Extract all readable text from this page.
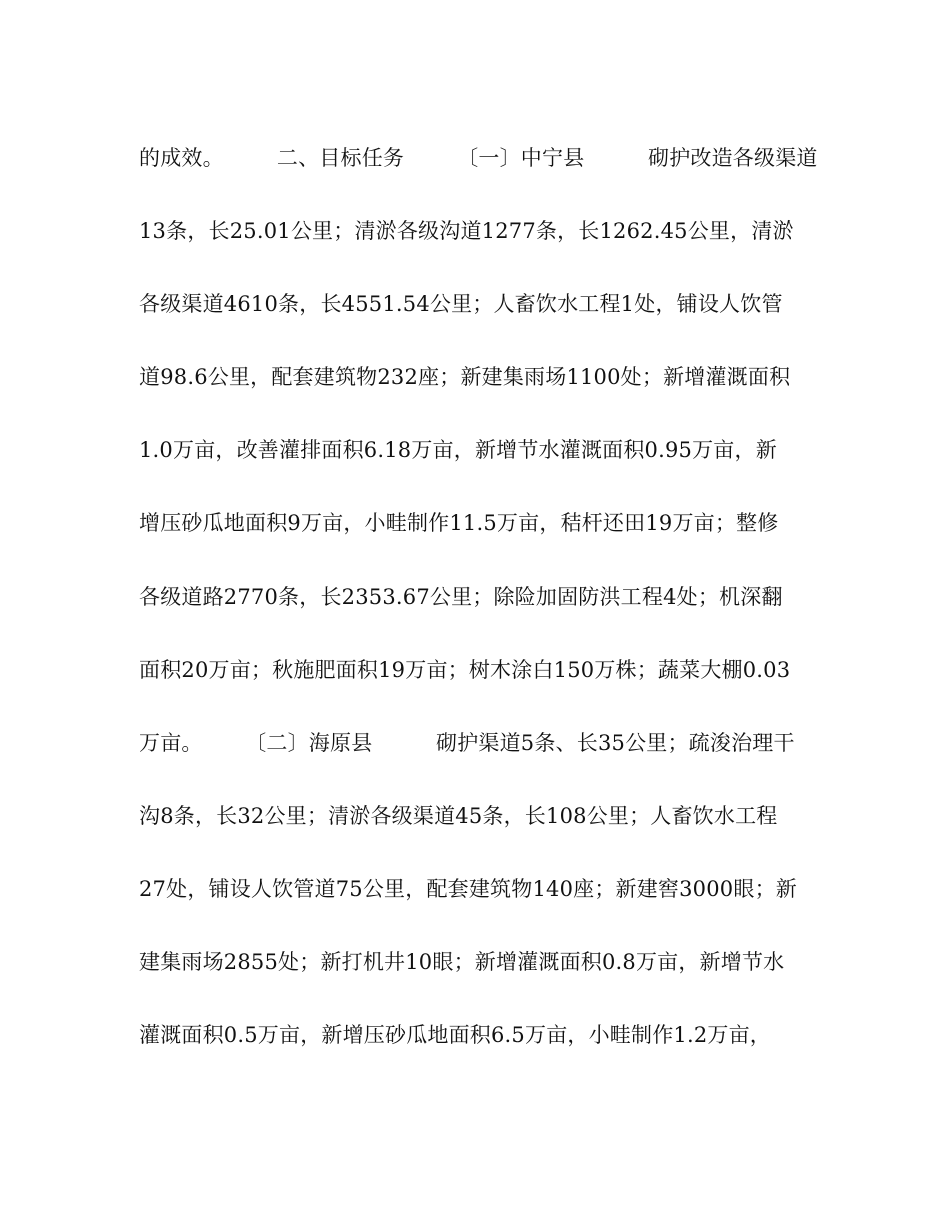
的成效。　　　二、目标任务　　　〔一〕中宁县　　　砌护改造各级渠道
13条，长25.01公里；清淤各级沟道1277条，长1262.45公里，清淤
各级渠道4610条，长4551.54公里；人畜饮水工程1处，铺设人饮管
道98.6公里，配套建筑物232座；新建集雨场1100处；新增灌溉面积
1.0万亩，改善灌排面积6.18万亩，新增节水灌溉面积0.95万亩，新
增压砂瓜地面积9万亩，小畦制作11.5万亩，秸杆还田19万亩；整修
各级道路2770条，长2353.67公里；除险加固防洪工程4处；机深翻
面积20万亩；秋施肥面积19万亩；树木涂白150万株；蔬菜大棚0.03
万亩。　　　〔二〕海原县　　　砌护渠道5条、长35公里；疏浚治理干
沟8条，长32公里；清淤各级渠道45条，长108公里；人畜饮水工程
27处，铺设人饮管道75公里，配套建筑物140座；新建窖3000眼；新
建集雨场2855处；新打机井10眼；新增灌溉面积0.8万亩，新增节水
灌溉面积0.5万亩，新增压砂瓜地面积6.5万亩，小畦制作1.2万亩，
